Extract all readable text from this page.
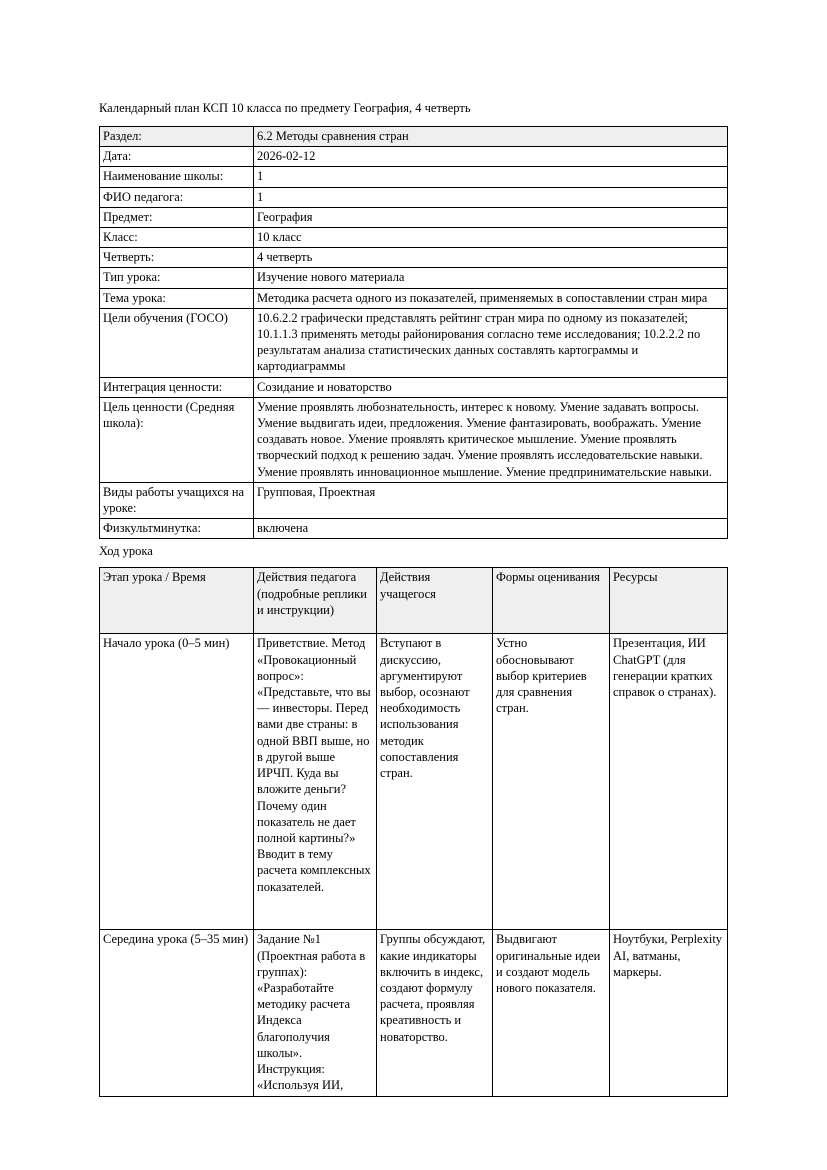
Календарный план КСП 10 класса по предмету География, 4 четверть
Раздел:	6.2 Методы сравнения стран
Дата:	2026-02-12
Наименование школы:	1
ФИО педагога:	1
Предмет:	География
Класс:	10 класс
Четверть:	4 четверть
Тип урока:	Изучение нового материала
Тема урока:	Методика расчета одного из показателей, применяемых в сопоставлении стран мира
Цели обучения (ГОСО)	10.6.2.2 графически представлять рейтинг стран мира по одному из показателей; 10.1.1.3 применять методы районирования согласно теме исследования; 10.2.2.2 по результатам анализа статистических данных составлять картограммы и картодиаграммы
Интеграция ценности:	Созидание и новаторство
Цель ценности (Средняя школа):	Умение проявлять любознательность, интерес к новому. Умение задавать вопросы. Умение выдвигать идеи, предложения. Умение фантазировать, воображать. Умение создавать новое. Умение проявлять критическое мышление. Умение проявлять творческий подход к решению задач. Умение проявлять исследовательские навыки. Умение проявлять инновационное мышление. Умение предпринимательские навыки.
Виды работы учащихся на уроке:	Групповая, Проектная
Физкультминутка:	включена
Ход урока
Этап урока / Время	Действия педагога (подробные реплики и инструкции)	Действия учащегося	Формы оценивания	Ресурсы
Начало урока (0–5 мин)	Приветствие. Метод «Провокационный вопрос»: «Представьте, что вы — инвесторы. Перед вами две страны: в одной ВВП выше, но в другой выше ИРЧП. Куда вы вложите деньги? Почему один показатель не дает полной картины?» Вводит в тему расчета комплексных показателей.	Вступают в дискуссию, аргументируют выбор, осознают необходимость использования методик сопоставления стран.	Устно обосновывают выбор критериев для сравнения стран.	Презентация, ИИ ChatGPT (для генерации кратких справок о странах).
Середина урока (5–35 мин)	Задание №1 (Проектная работа в группах): «Разработайте методику расчета Индекса благополучия школы». Инструкция: «Используя ИИ,	Группы обсуждают, какие индикаторы включить в индекс, создают формулу расчета, проявляя креативность и новаторство.	Выдвигают оригинальные идеи и создают модель нового показателя.	Ноутбуки, Perplexity AI, ватманы, маркеры.
